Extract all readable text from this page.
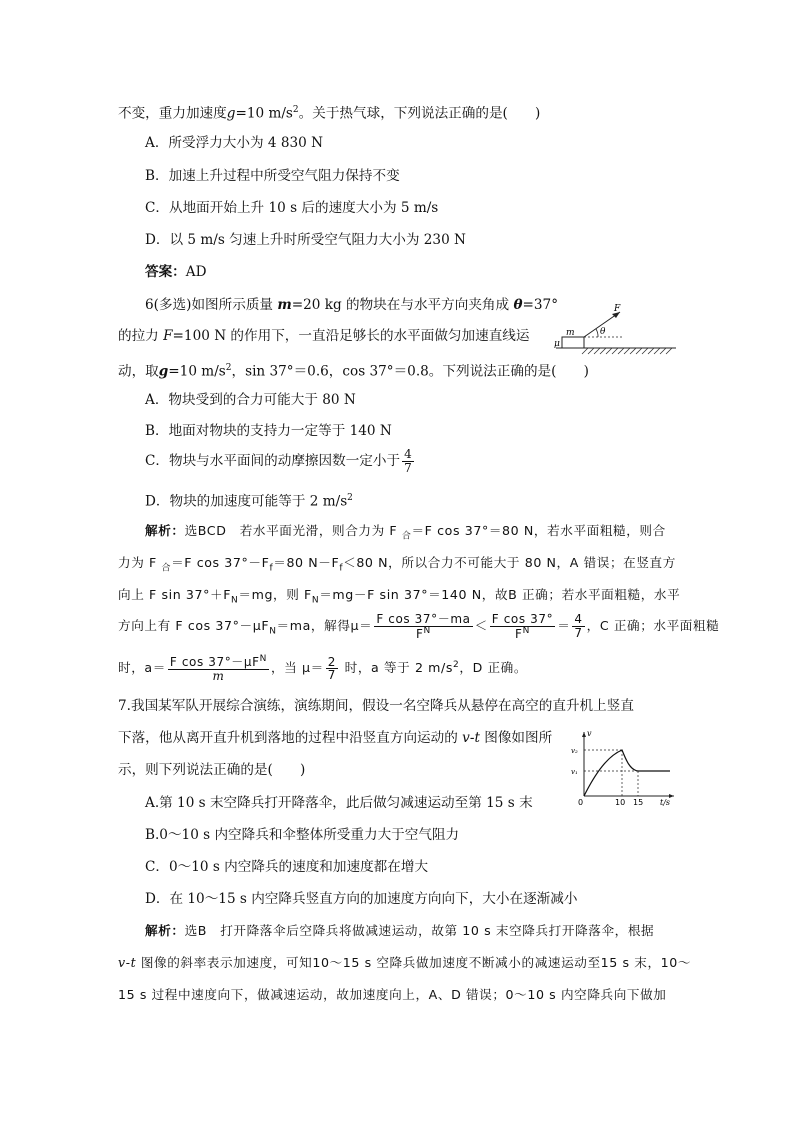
不变，重力加速度g=10 $m/s^2$。关于热气球，下列说法正确的是(　　)
A．所受浮力大小为 4 830 N
B．加速上升过程中所受空气阻力保持不变
C．从地面开始上升 10 s 后的速度大小为 5 m/s
D．以 5 m/s 匀速上升时所受空气阻力大小为 230 N
答案：AD
6(多选)如图所示质量 m=20 kg 的物块在与水平方向夹角成 θ=37°
的拉力 F=100 N 的作用下，一直沿足够长的水平面做匀加速直线运
动，取g=10 $m/s^2$，sin 37°＝0.6，cos 37°＝0.8。下列说法正确的是(　　)
F
θ
m
μ
A．物块受到的合力可能大于 80 N
B．地面对物块的支持力一定等于 140 N
C．物块与水平面间的动摩擦因数一定小于 $\frac{4}{7}$
D．物块的加速度可能等于 2 $m/s^2$
解析：选BCD　若水平面光滑，则合力为 F $_合$＝F cos 37°＝80 N，若水平面粗糙，则合
力为 F $_合$＝F $\cos 37^\circ-F_f=80$ $N-F_f<80$ N，所以合力不可能大于 80 N，A 错误；在竖直方
向上 F $\sin 37^\circ+F_N=mg$，则 $F_N=mg-F$ sin 37°＝140 N，故B 正确；若水平面粗糙，水平
方向上有 F $\cos 37^\circ-\mu F_N=ma$，解得$\mu= \frac{\text{F cos 37°－ma}}{F^N} < \frac{\text{F cos 37°}}{F^N} = \frac{4}{7}$ ，C 正确；水平面粗糙
时，$a= \frac{F \cos 37^\circ-\mu F^N}{m}$ ，当 $\mu= \frac{2}{7}$ 时，a 等于 2 $m/s^2$，D 正确。
7.我国某军队开展综合演练，演练期间，假设一名空降兵从悬停在高空的直升机上竖直
下落，他从离开直升机到落地的过程中沿竖直方向运动的 v-t 图像如图所
示，则下列说法正确的是(　　)
v
v₂
v₁
0	10 15 t/s
A.第 10 s 末空降兵打开降落伞，此后做匀减速运动至第 15 s 末
B.0～10 s 内空降兵和伞整体所受重力大于空气阻力
C．0～10 s 内空降兵的速度和加速度都在增大
D．在 10～15 s 内空降兵竖直方向的加速度方向向下，大小在逐渐减小
解析：选B　打开降落伞后空降兵将做减速运动，故第 10 s 末空降兵打开降落伞，根据
v-t 图像的斜率表示加速度，可知10～15 s 空降兵做加速度不断减小的减速运动至15 s 末，10～
15 s 过程中速度向下，做减速运动，故加速度向上，A、D 错误；0～10 s 内空降兵向下做加
